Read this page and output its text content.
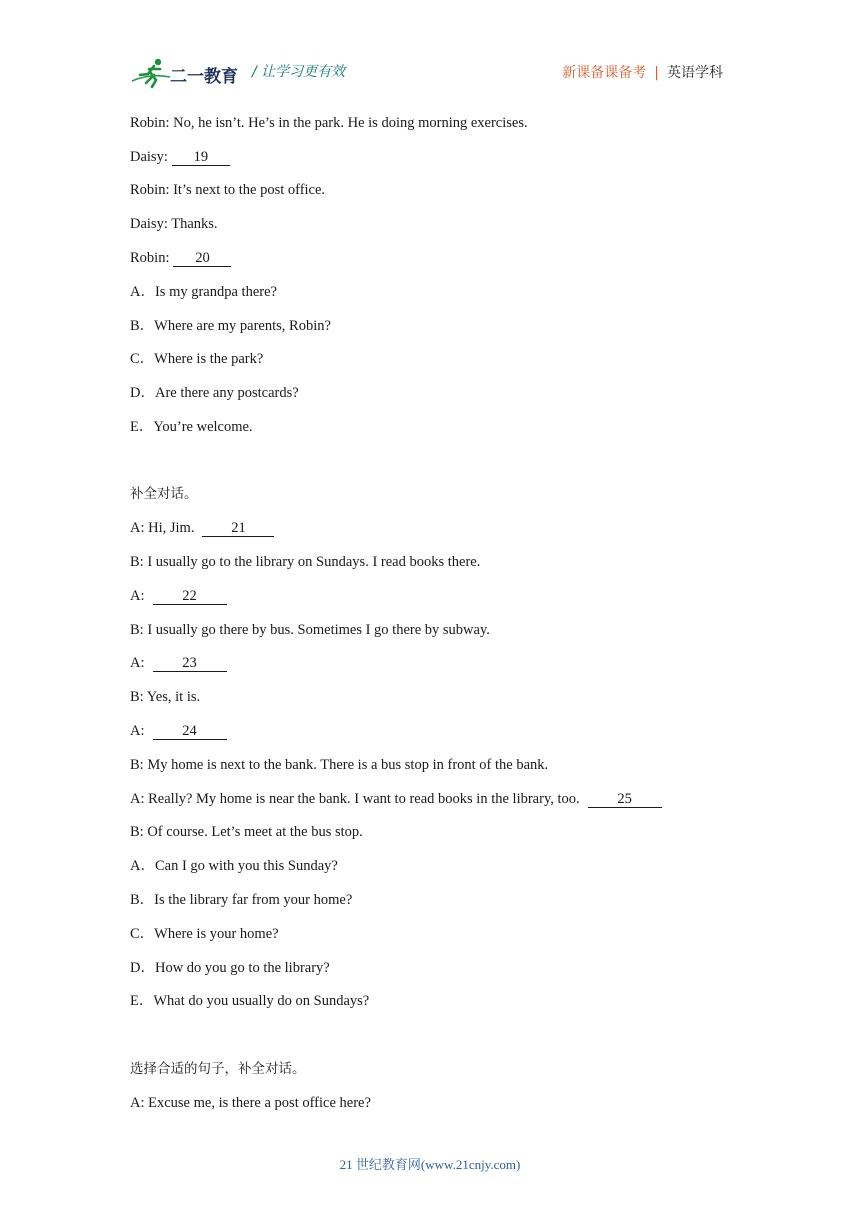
二一教育 / 让学习更有效	新课备课备考 | 英语学科
Robin: No, he isn’t. He’s in the park. He is doing morning exercises.
Daisy: 19
Robin: It’s next to the post office.
Daisy: Thanks.
Robin: 20
A．Is my grandpa there?
B．Where are my parents, Robin?
C．Where is the park?
D．Are there any postcards?
E．You’re welcome.
补全对话。
A: Hi, Jim.	21
B: I usually go to the library on Sundays. I read books there.
A:	22
B: I usually go there by bus. Sometimes I go there by subway.
A:	23
B: Yes, it is.
A:	24
B: My home is next to the bank. There is a bus stop in front of the bank.
A: Really? My home is near the bank. I want to read books in the library, too.	25
B: Of course. Let’s meet at the bus stop.
A．Can I go with you this Sunday?
B．Is the library far from your home?
C．Where is your home?
D．How do you go to the library?
E．What do you usually do on Sundays?
选择合适的句子，补全对话。
A: Excuse me, is there a post office here?
21 世纪教育网(www.21cnjy.com)
